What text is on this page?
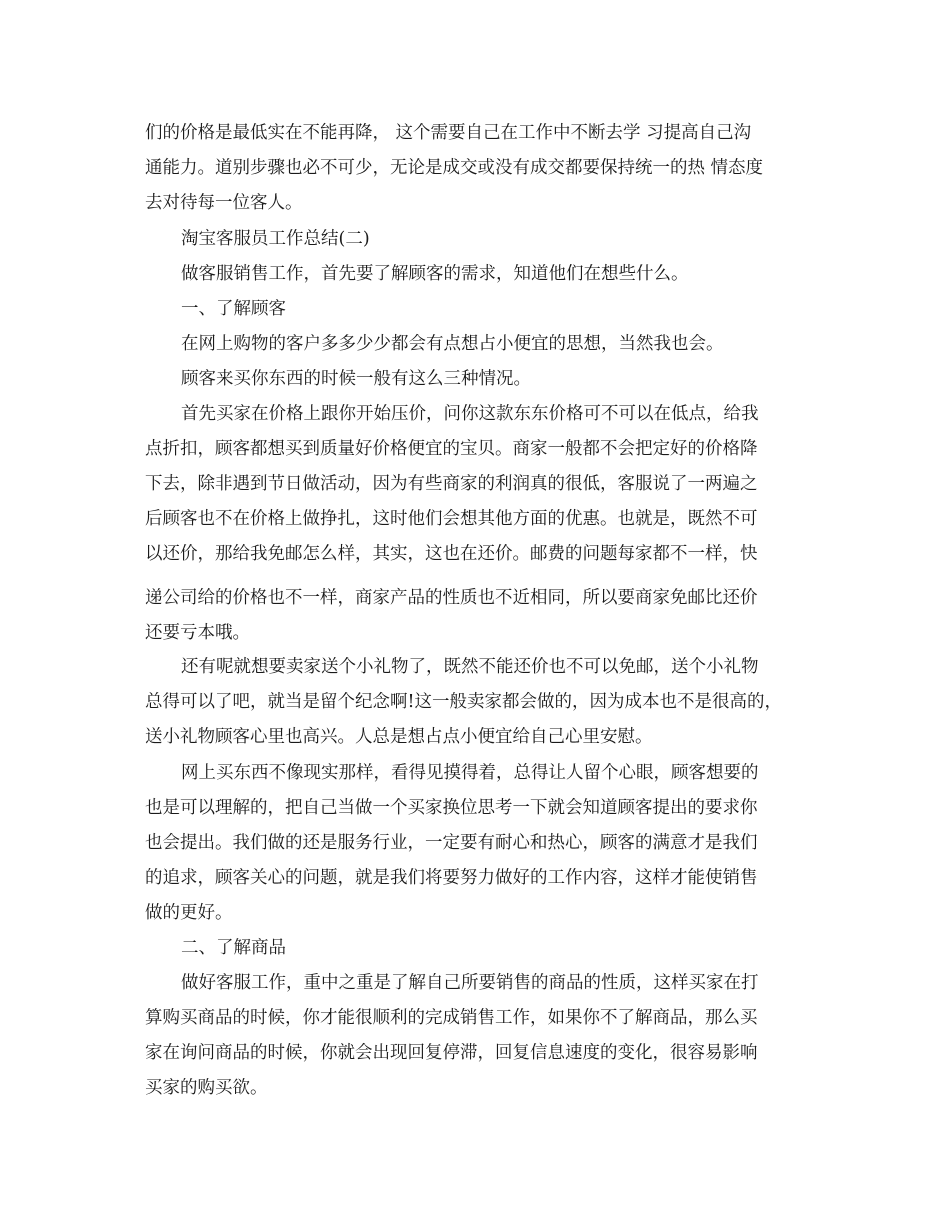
们的价格是最低实在不能再降， 这个需要自己在工作中不断去学 习提高自己沟
通能力。道别步骤也必不可少，无论是成交或没有成交都要保持统一的热 情态度
去对待每一位客人。
淘宝客服员工作总结(二)
做客服销售工作，首先要了解顾客的需求，知道他们在想些什么。
一、了解顾客
在网上购物的客户多多少少都会有点想占小便宜的思想，当然我也会。
顾客来买你东西的时候一般有这么三种情况。
首先买家在价格上跟你开始压价，问你这款东东价格可不可以在低点，给我
点折扣，顾客都想买到质量好价格便宜的宝贝。商家一般都不会把定好的价格降
下去，除非遇到节日做活动，因为有些商家的利润真的很低，客服说了一两遍之
后顾客也不在价格上做挣扎，这时他们会想其他方面的优惠。也就是，既然不可
以还价，那给我免邮怎么样，其实，这也在还价。邮费的问题每家都不一样，快
递公司给的价格也不一样，商家产品的性质也不近相同，所以要商家免邮比还价
还要亏本哦。
还有呢就想要卖家送个小礼物了，既然不能还价也不可以免邮，送个小礼物
总得可以了吧，就当是留个纪念啊!这一般卖家都会做的，因为成本也不是很高的，
送小礼物顾客心里也高兴。人总是想占点小便宜给自己心里安慰。
网上买东西不像现实那样，看得见摸得着，总得让人留个心眼，顾客想要的
也是可以理解的，把自己当做一个买家换位思考一下就会知道顾客提出的要求你
也会提出。我们做的还是服务行业，一定要有耐心和热心，顾客的满意才是我们
的追求，顾客关心的问题，就是我们将要努力做好的工作内容，这样才能使销售
做的更好。
二、了解商品
做好客服工作，重中之重是了解自己所要销售的商品的性质，这样买家在打
算购买商品的时候，你才能很顺利的完成销售工作，如果你不了解商品，那么买
家在询问商品的时候，你就会出现回复停滞，回复信息速度的变化，很容易影响
买家的购买欲。
